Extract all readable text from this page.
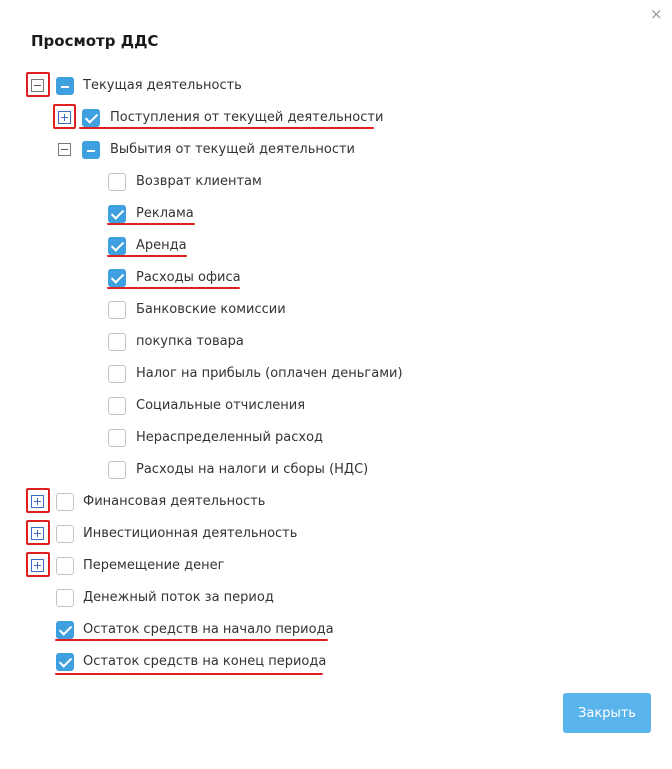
×
Просмотр ДДС
Текущая деятельность
Поступления от текущей деятельности
Выбытия от текущей деятельности
Возврат клиентам
Реклама
Аренда
Расходы офиса
Банковские комиссии
покупка товара
Налог на прибыль (оплачен деньгами)
Социальные отчисления
Нераспределенный расход
Расходы на налоги и сборы (НДС)
Финансовая деятельность
Инвестиционная деятельность
Перемещение денег
Денежный поток за период
Остаток средств на начало периода
Остаток средств на конец периода
Закрыть
